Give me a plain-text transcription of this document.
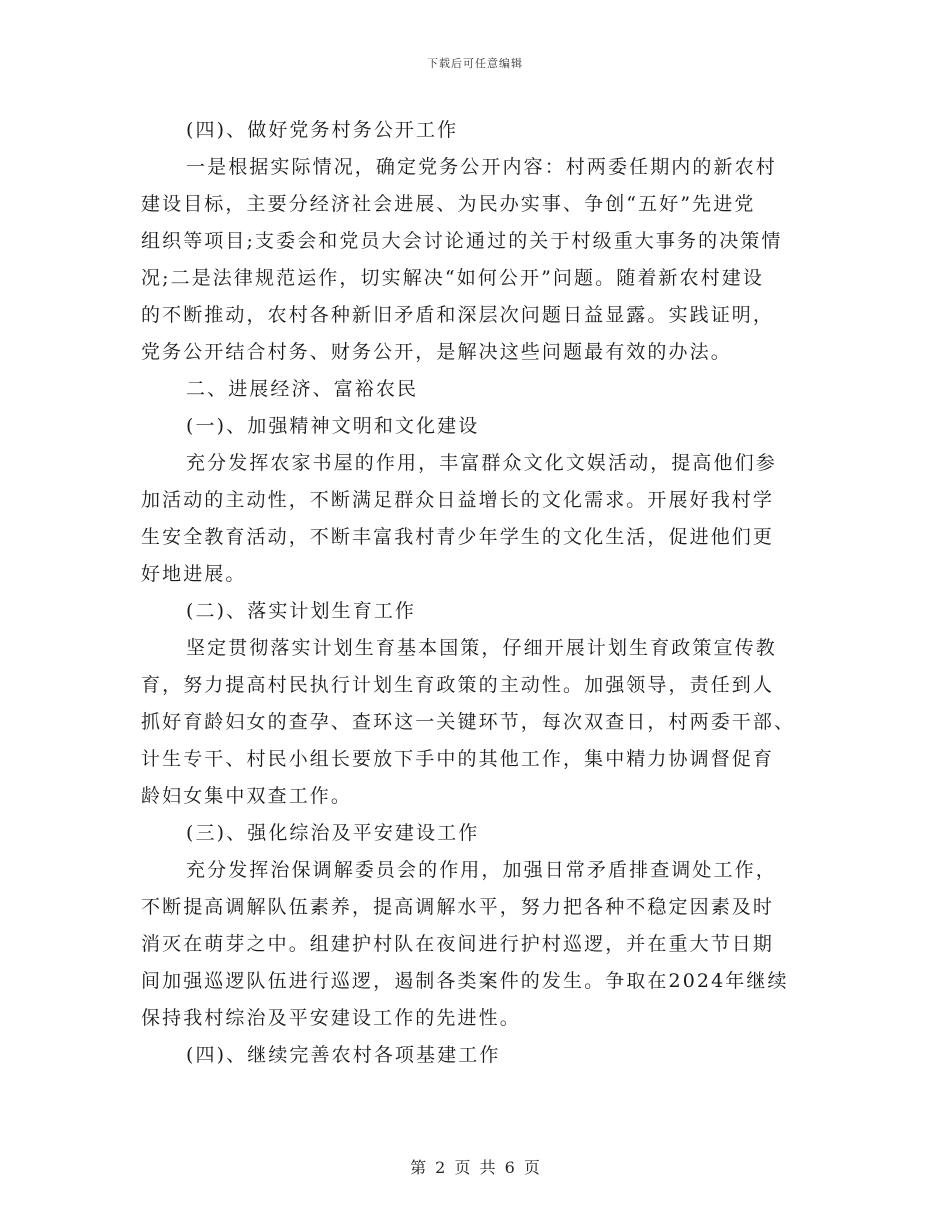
下载后可任意编辑
(四)、做好党务村务公开工作
一是根据实际情况，确定党务公开内容：村两委任期内的新农村
建设目标，主要分经济社会进展、为民办实事、争创“五好”先进党
组织等项目;支委会和党员大会讨论通过的关于村级重大事务的决策情
况;二是法律规范运作，切实解决“如何公开”问题。随着新农村建设
的不断推动，农村各种新旧矛盾和深层次问题日益显露。实践证明，
党务公开结合村务、财务公开，是解决这些问题最有效的办法。
二、进展经济、富裕农民
(一)、加强精神文明和文化建设
充分发挥农家书屋的作用，丰富群众文化文娱活动，提高他们参
加活动的主动性，不断满足群众日益增长的文化需求。开展好我村学
生安全教育活动，不断丰富我村青少年学生的文化生活，促进他们更
好地进展。
(二)、落实计划生育工作
坚定贯彻落实计划生育基本国策，仔细开展计划生育政策宣传教
育，努力提高村民执行计划生育政策的主动性。加强领导，责任到人
抓好育龄妇女的查孕、查环这一关键环节，每次双查日，村两委干部、
计生专干、村民小组长要放下手中的其他工作，集中精力协调督促育
龄妇女集中双查工作。
(三)、强化综治及平安建设工作
充分发挥治保调解委员会的作用，加强日常矛盾排查调处工作，
不断提高调解队伍素养，提高调解水平，努力把各种不稳定因素及时
消灭在萌芽之中。组建护村队在夜间进行护村巡逻，并在重大节日期
间加强巡逻队伍进行巡逻，遏制各类案件的发生。争取在2024年继续
保持我村综治及平安建设工作的先进性。
(四)、继续完善农村各项基建工作
第 2 页 共 6 页
